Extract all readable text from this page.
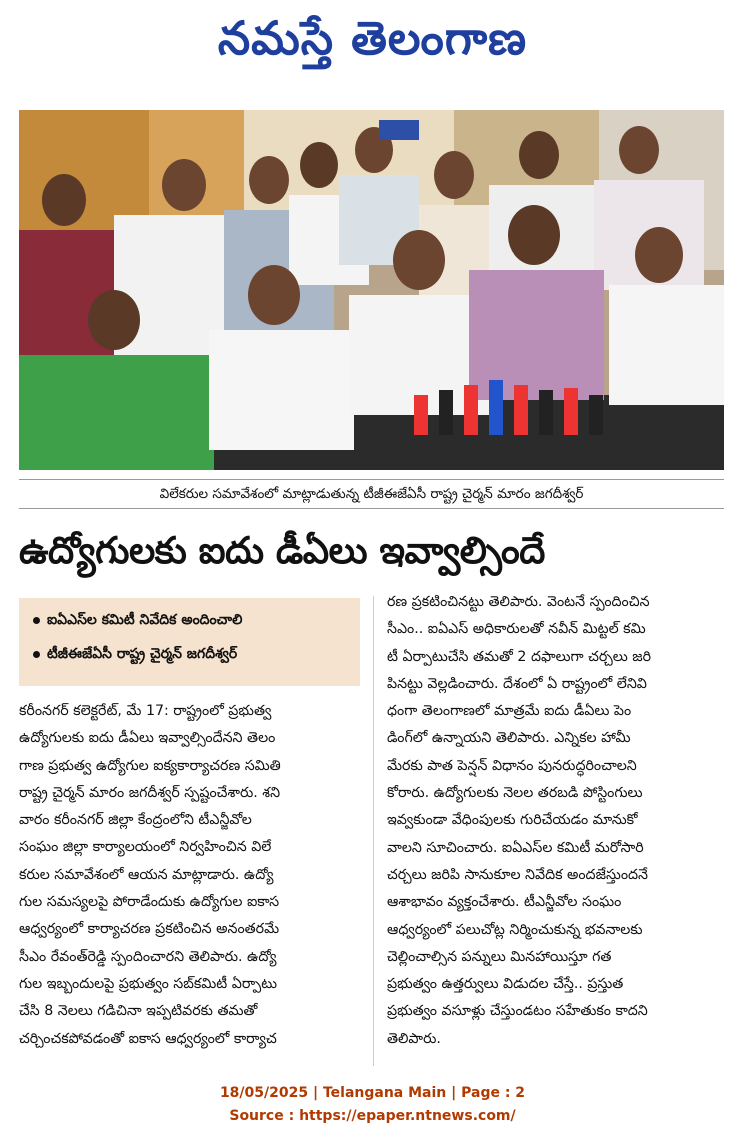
నమస్తే తెలంగాణ
విలేకరుల సమావేశంలో మాట్లాడుతున్న టీజీఈజేఏసీ రాష్ట్ర చైర్మన్ మారం జగదీశ్వర్
ఉద్యోగులకు ఐదు డీఏలు ఇవ్వాల్సిందే
ఐఏఎస్‌ల కమిటీ నివేదిక అందించాలి
టీజీఈజేఏసీ రాష్ట్ర చైర్మన్ జగదీశ్వర్
కరీంనగర్ కలెక్టరేట్, మే 17: రాష్ట్రంలో ప్రభుత్వ
ఉద్యోగులకు ఐదు డీఏలు ఇవ్వాల్సిందేనని తెలం
గాణ ప్రభుత్వ ఉద్యోగుల ఐక్యకార్యాచరణ సమితి
రాష్ట్ర చైర్మన్ మారం జగదీశ్వర్ స్పష్టంచేశారు. శని
వారం కరీంనగర్ జిల్లా కేంద్రంలోని టీఎన్జీవోల
సంఘం జిల్లా కార్యాలయంలో నిర్వహించిన విలే
కరుల సమావేశంలో ఆయన మాట్లాడారు. ఉద్యో
గుల సమస్యలపై పోరాడేందుకు ఉద్యోగుల ఐకాస
ఆధ్వర్యంలో కార్యాచరణ ప్రకటించిన అనంతరమే
సీఎం రేవంత్‌రెడ్డి స్పందించారని తెలిపారు. ఉద్యో
గుల ఇబ్బందులపై ప్రభుత్వం సబ్‌కమిటీ ఏర్పాటు
చేసి 8 నెలలు గడిచినా ఇప్పటివరకు తమతో
చర్చించకపోవడంతో ఐకాస ఆధ్వర్యంలో కార్యాచ
రణ ప్రకటించినట్టు తెలిపారు. వెంటనే స్పందించిన
సీఎం.. ఐఏఎస్ అధికారులతో నవీన్ మిట్టల్ కమి
టీ ఏర్పాటుచేసి తమతో 2 దఫాలుగా చర్చలు జరి
పినట్టు వెల్లడించారు. దేశంలో ఏ రాష్ట్రంలో లేనివి
ధంగా తెలంగాణలో మాత్రమే ఐదు డీఏలు పెం
డింగ్‌లో ఉన్నాయని తెలిపారు. ఎన్నికల హామీ
మేరకు పాత పెన్షన్ విధానం పునరుద్ధరించాలని
కోరారు. ఉద్యోగులకు నెలల తరబడి పోస్టింగులు
ఇవ్వకుండా వేధింపులకు గురిచేయడం మానుకో
వాలని సూచించారు. ఐఏఎస్‌ల కమిటీ మరోసారి
చర్చలు జరిపి సానుకూల నివేదిక అందజేస్తుందనే
ఆశాభావం వ్యక్తంచేశారు. టీఎన్జీవోల సంఘం
ఆధ్వర్యంలో పలుచోట్ల నిర్మించుకున్న భవనాలకు
చెల్లించాల్సిన పన్నులు మినహాయిస్తూ గత
ప్రభుత్వం ఉత్తర్వులు విడుదల చేస్తే.. ప్రస్తుత
ప్రభుత్వం వసూళ్లు చేస్తుండటం సహేతుకం కాదని
తెలిపారు.
18/05/2025 | Telangana Main | Page : 2
Source : https://epaper.ntnews.com/
